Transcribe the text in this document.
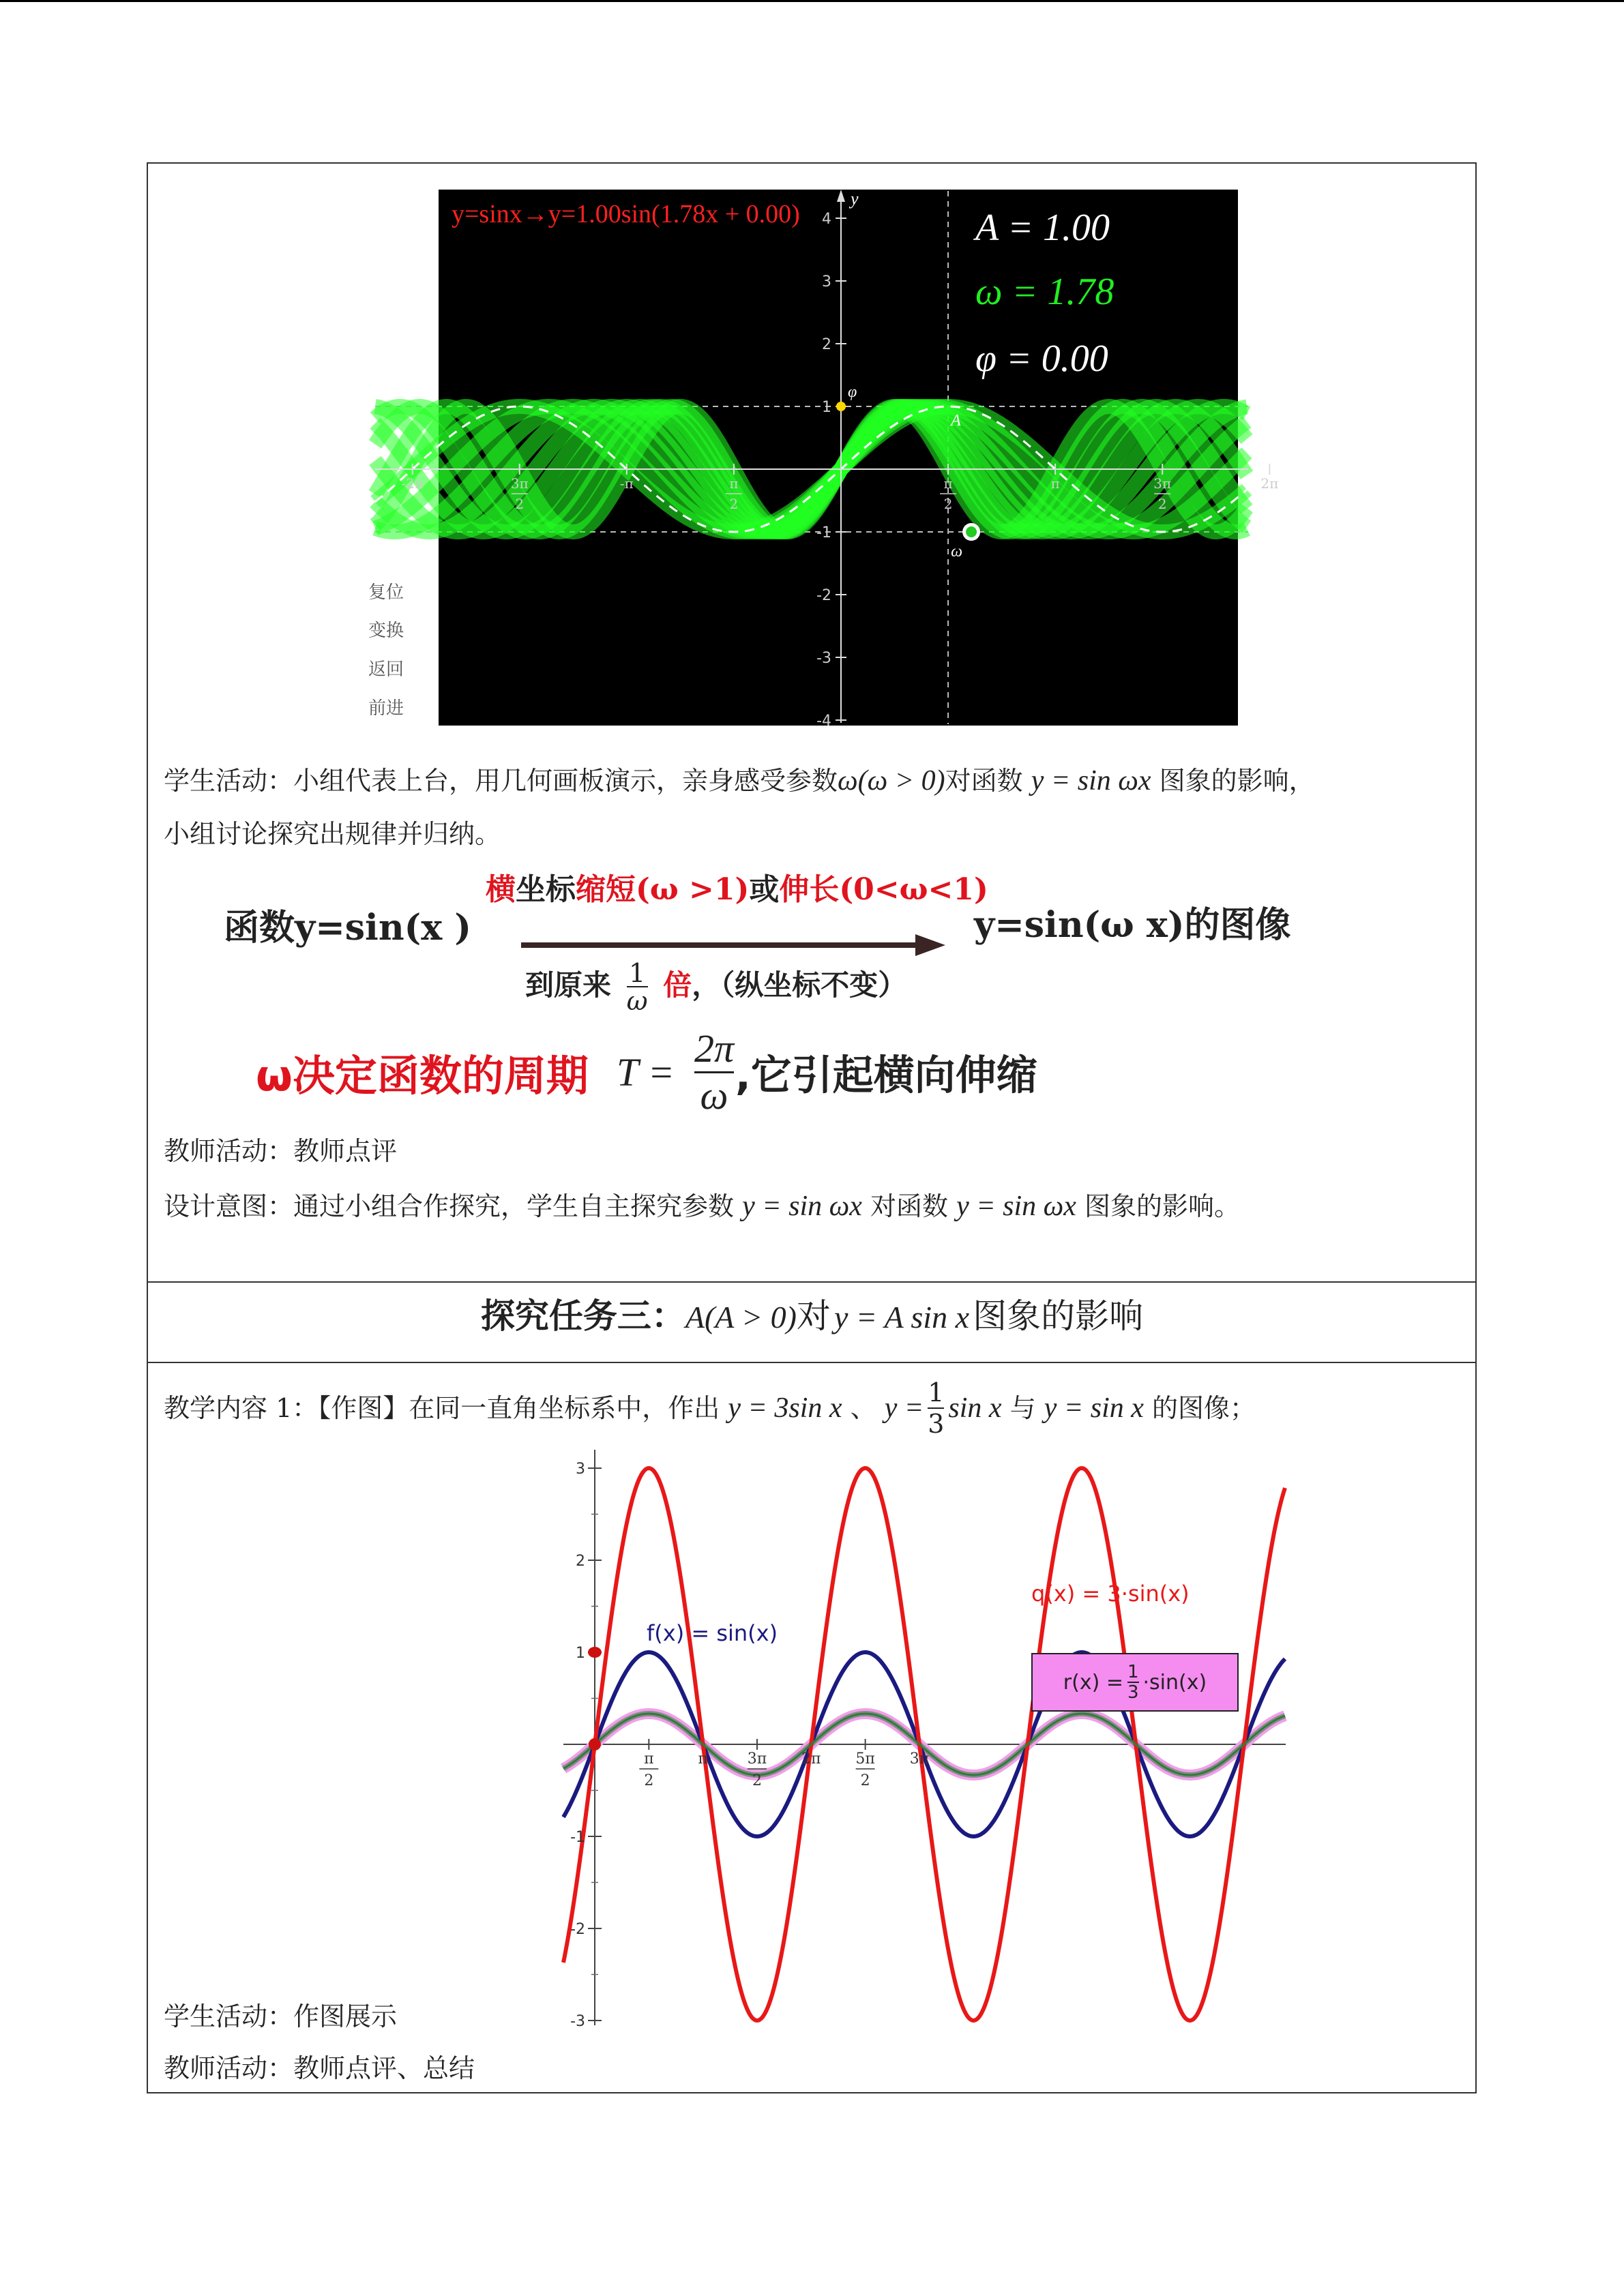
y
4
3
2
1
-1
-2
-3
-4
-2π	3π
2
-π	π
2
π
2
π	3π
2
2π
φ
A
ω
y=sinx→y=1.00sin(1.78x + 0.00)	A = 1.00
ω = 1.78
φ = 0.00
复位
变换
返回
前进
学生活动：小组代表上台，用几何画板演示，亲身感受参数ω(ω > 0)对函数 y = sin ωx 图象的影响，
小组讨论探究出规律并归纳。
横坐标缩短(ω >1)或伸长(0<ω<1)
函数y=sin(x )	y=sin(ω x)的图像
到原来 $\frac{1}{\omega}$ 倍，（纵坐标不变）
ω决定函数的周期 $T = \frac{2\pi}{\omega}$ ,它引起横向伸缩
教师活动：教师点评
设计意图：通过小组合作探究，学生自主探究参数 y = sin ωx 对函数 y = sin ωx 图象的影响。
探究任务三：A(A > 0)对 y = A sin x 图象的影响
教学内容 1：【作图】在同一直角坐标系中，作出
y = 3sin x
、
$y = \frac{1}{3}$ sin x
与
y = sin x
的图像；
3
2
1
-1
-2
-3
π
2
π	3π
2
2π 5π
2
3π
f(x) = sin(x)
q(x) = 3·sin(x)
$r(x) = \frac{1}{3} \cdot\sin(x)$
学生活动：作图展示
教师活动：教师点评、总结
